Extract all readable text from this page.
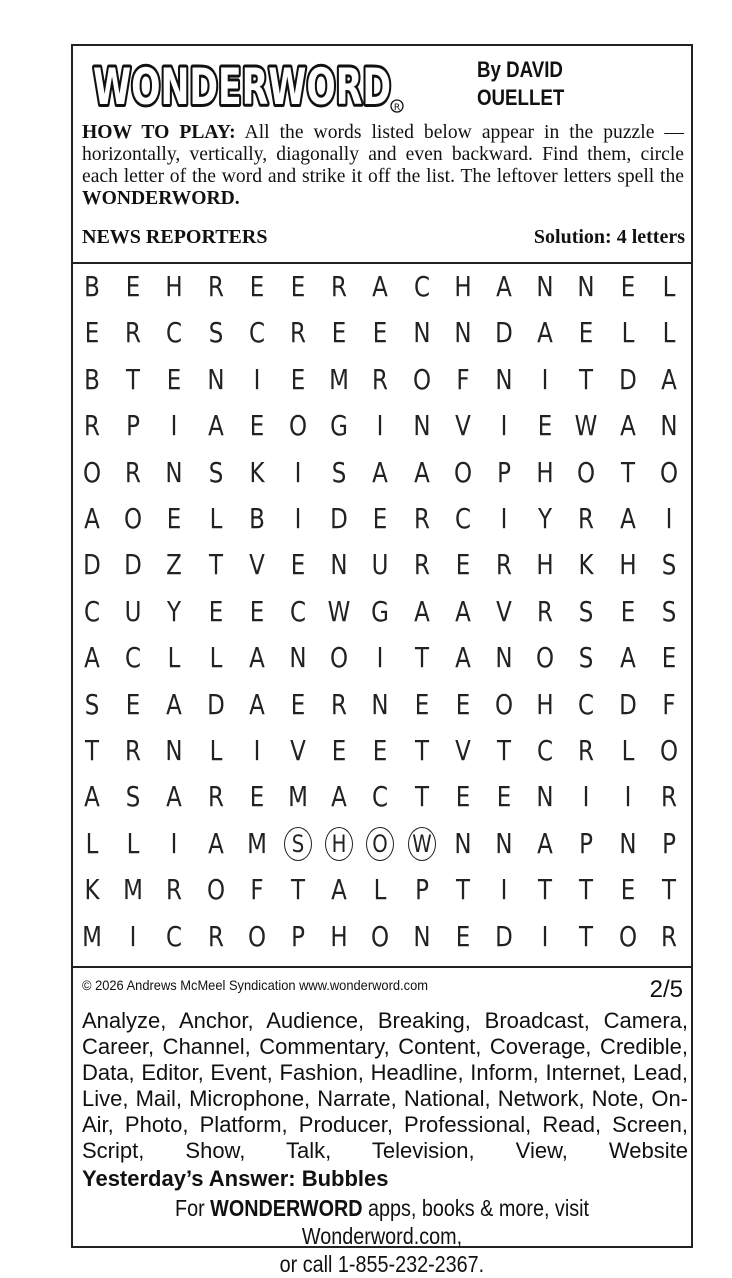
WONDERWORD
WONDERWORD R
By DAVID
OUELLET
HOW TO PLAY: All the words listed below appear in the puzzle — horizontally, vertically, diagonally and even backward. Find them, circle each letter of the word and strike it off the list. The leftover letters spell the WONDERWORD.
NEWS REPORTERS	Solution: 4 letters
B E H R E E R A C H A N N E L
E R C S C R E E N N D A E L	L
B T E N	I	E M R O F N	I	T D A
R P	I	A E O G	I	N V	I	E W A N
O R N S K	I	S A A O P H O T O
A O E L B	I	D E R C	I	Y R A	I
D D Z T V E N U R E R H K H S
C U Y E E C W G A A V R S E S
A C L	L A N O	I	T A N O S A E
S E A D A E R N E E O H C D F
T R N L	I	V E E T V T C R L O
A S A R E M A C T E E N	I	I	R
L	L	I	A M	S	H	O W N N A P N P
K M R O F T A L P T	I	T T E T
M I	C R O P H O N E D	I	T O R
© 2026 Andrews McMeel Syndication www.wonderword.com	2/5
Analyze, Anchor, Audience, Breaking, Broadcast, Camera, Career, Channel, Commentary, Content, Coverage, Credible, Data, Editor, Event, Fashion, Headline, Inform, Internet, Lead, Live, Mail, Microphone, Narrate, National, Network, Note, On-Air, Photo, Platform, Producer, Professional, Read, Screen, Script, Show, Talk, Television, View, Website
Yesterday’s Answer: Bubbles
For WONDERWORD apps, books & more, visit Wonderword.com,
or call 1-855-232-2367.
